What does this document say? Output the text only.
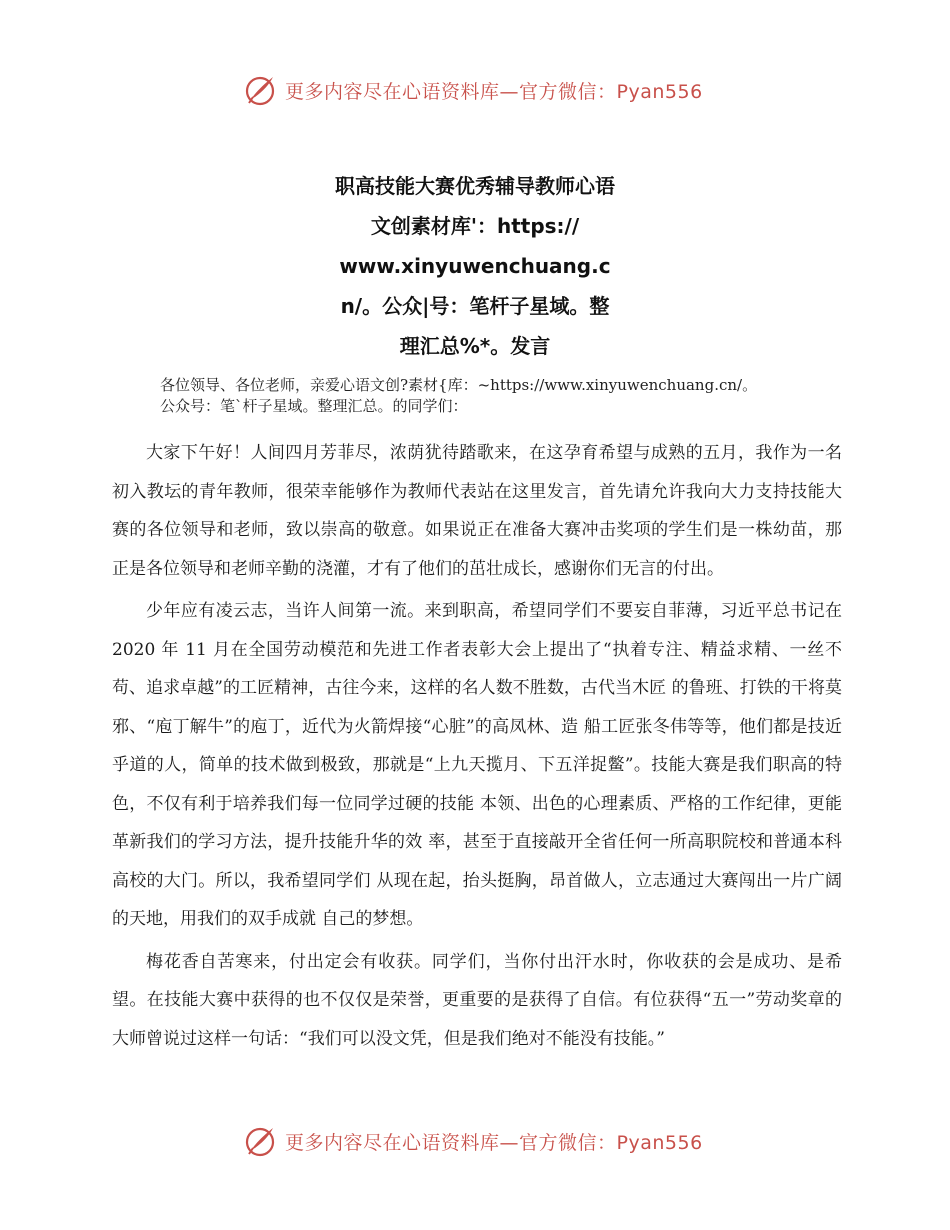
更多内容尽在心语资料库—官方微信：Pyan556
职高技能大赛优秀辅导教师心语
文创素材库'：https://
www.xinyuwenchuang.c
n/。公众|号：笔杆子星域。整
理汇总%*。发言
各位领导、各位老师，亲爱心语文创?素材{库：~https://www.xinyuwenchuang.cn/。
公众号：笔`杆子星域。整理汇总。的同学们：

大家下午好！人间四月芳菲尽，浓荫犹待踏歌来，在这孕育希望与成熟的五月，我作为一名初入教坛的青年教师，很荣幸能够作为教师代表站在这里发言，首先请允许我向大力支持技能大赛的各位领导和老师，致以崇高的敬意。如果说正在准备大赛冲击奖项的学生们是一株幼苗，那正是各位领导和老师辛勤的浇灌，才有了他们的茁壮成长，感谢你们无言的付出。

少年应有凌云志，当许人间第一流。来到职高，希望同学们不要妄自菲薄，习近平总书记在 2020 年 11 月在全国劳动模范和先进工作者表彰大会上提出了“执着专注、精益求精、一丝不苟、追求卓越”的工匠精神，古往今来，这样的名人数不胜数，古代当木匠 的鲁班、打铁的干将莫邪、“庖丁解牛”的庖丁，近代为火箭焊接“心脏”的高凤林、造 船工匠张冬伟等等，他们都是技近乎道的人，简单的技术做到极致，那就是“上九天揽月、下五洋捉鳖”。技能大赛是我们职高的特色，不仅有利于培养我们每一位同学过硬的技能 本领、出色的心理素质、严格的工作纪律，更能革新我们的学习方法，提升技能升华的效 率，甚至于直接敲开全省任何一所高职院校和普通本科高校的大门。所以，我希望同学们 从现在起，抬头挺胸，昂首做人，立志通过大赛闯出一片广阔的天地，用我们的双手成就 自己的梦想。

梅花香自苦寒来，付出定会有收获。同学们，当你付出汗水时，你收获的会是成功、是希望。在技能大赛中获得的也不仅仅是荣誉，更重要的是获得了自信。有位获得“五一”劳动奖章的大师曾说过这样一句话：“我们可以没文凭，但是我们绝对不能没有技能。”

更多内容尽在心语资料库—官方微信：Pyan556
